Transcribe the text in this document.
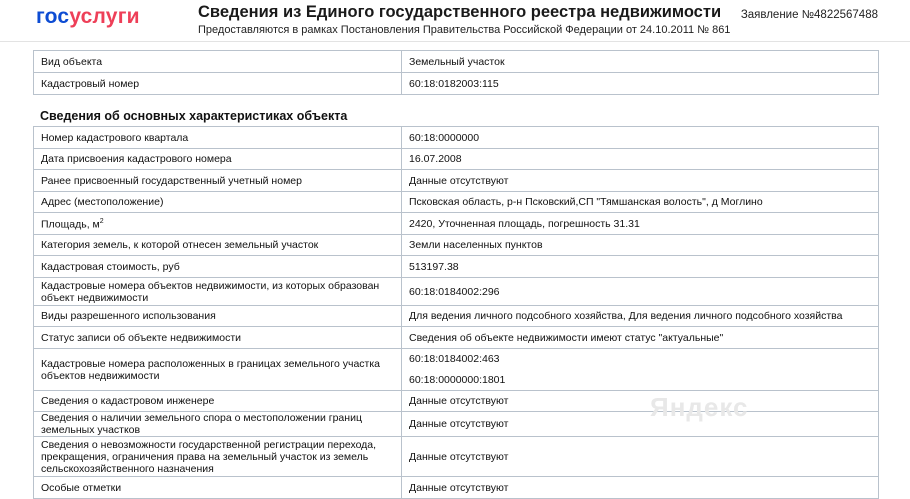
госуслуги	Сведения из Единого государственного реестра недвижимости
Предоставляются в рамках Постановления Правительства Российской Федерации от 24.10.2011 № 861
Заявление №4822567488
Вид объекта	Земельный участок
Кадастровый номер	60:18:0182003:115
Сведения об основных характеристиках объекта
Номер кадастрового квартала	60:18:0000000
Дата присвоения кадастрового номера	16.07.2008
Ранее присвоенный государственный учетный номер	Данные отсутствуют
Адрес (местоположение)	Псковская область, р-н Псковский,СП "Тямшанская волость", д Моглино
Площадь, $м^2$	2420, Уточненная площадь, погрешность 31.31
Категория земель, к которой отнесен земельный участок	Земли населенных пунктов
Кадастровая стоимость, руб	513197.38
Кадастровые номера объектов недвижимости, из которых образован объект недвижимости	60:18:0184002:296
Виды разрешенного использования	Для ведения личного подсобного хозяйства, Для ведения личного подсобного хозяйства
Статус записи об объекте недвижимости	Сведения об объекте недвижимости имеют статус "актуальные"
Кадастровые номера расположенных в границах земельного участка объектов недвижимости	60:18:0184002:463
60:18:0000000:1801

Сведения о кадастровом инженере	Данные отсутствуют
Сведения о наличии земельного спора о местоположении границ земельных участков	Данные отсутствуют
Сведения о невозможности государственной регистрации перехода, прекращения, ограничения права на земельный участок из земель сельскохозяйственного назначения	Данные отсутствуют
Особые отметки	Данные отсутствуют
Яндекс
